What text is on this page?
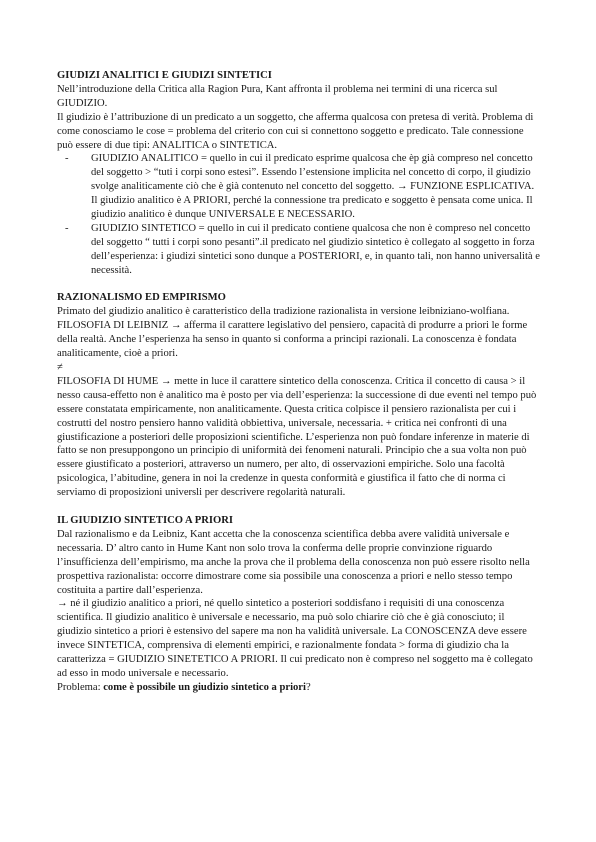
GIUDIZI ANALITICI E GIUDIZI SINTETICI

Nell’introduzione della Critica alla Ragion Pura, Kant affronta il problema nei termini di una ricerca sul GIUDIZIO.

Il giudizio è l’attribuzione di un predicato a un soggetto, che afferma qualcosa con pretesa di verità. Problema di come conosciamo le cose = problema del criterio con cui si connettono soggetto e predicato. Tale connessione può essere di due tipi: ANALITICA o SINTETICA.

- GIUDIZIO ANALITICO = quello in cui il predicato esprime qualcosa che èp già compreso nel concetto del soggetto > “tuti i corpi sono estesi”. Essendo l’estensione implicita nel concetto di corpo, il giudizio svolge analiticamente ciò che è già contenuto nel concetto del soggetto. → FUNZIONE ESPLICATIVA. Il giudizio analitico è A PRIORI, perché la connessione tra predicato e soggetto è pensata come unica. Il giudizio analitico è dunque UNIVERSALE E NECESSARIO.
- GIUDIZIO SINTETICO = quello in cui il predicato contiene qualcosa che non è compreso nel concetto del soggetto “ tutti i corpi sono pesanti”.il predicato nel giudizio sintetico è collegato al soggetto in forza dell’esperienza: i giudizi sintetici sono dunque a POSTERIORI, e, in quanto tali, non hanno universalità e necessità.
RAZIONALISMO ED EMPIRISMO

Primato del giudizio analitico è caratteristico della tradizione razionalista in versione leibniziano-wolfiana.

FILOSOFIA DI LEIBNIZ → afferma il carattere legislativo del pensiero, capacità di produrre a priori le forme della realtà. Anche l’esperienza ha senso in quanto si conforma a principi razionali. La conoscenza è fondata analiticamente, cioè a priori.

≠

FILOSOFIA DI HUME → mette in luce il carattere sintetico della conoscenza. Critica il concetto di causa > il nesso causa-effetto non è analitico ma è posto per via dell’esperienza: la successione di due eventi nel tempo può essere constatata empiricamente, non analiticamente. Questa critica colpisce il pensiero razionalista per cui i costrutti del nostro pensiero hanno validità obbiettiva, universale, necessaria. + critica nei confronti di una giustificazione a posteriori delle proposizioni scientifiche. L’esperienza non può fondare inferenze in materie di fatto se non presuppongono un principio di uniformità dei fenomeni naturali. Principio che a sua volta non può essere giustificato a posteriori, attraverso un numero, per alto, di osservazioni empiriche. Solo una facoltà psicologica, l’abitudine, genera in noi la credenze in questa conformità e giustifica il fatto che di norma ci serviamo di proposizioni universli per descrivere regolarità naturali.

IL GIUDIZIO SINTETICO A PRIORI

Dal razionalismo e da Leibniz, Kant accetta che la conoscenza scientifica debba avere validità universale e necessaria. D’ altro canto in Hume Kant non solo trova la conferma delle proprie convinzione riguardo l’insufficienza dell’empirismo, ma anche la prova che il problema della conoscenza non può essere risolto nella prospettiva razionalista: occorre dimostrare come sia possibile una conoscenza a priori e nello stesso tempo costituita a partire dall’esperienza.

→ né il giudizio analitico a priori, né quello sintetico a posteriori soddisfano i requisiti di una conoscenza scientifica. Il giudizio analitico è universale e necessario, ma può solo chiarire ciò che è già conosciuto; il giudizio sintetico a priori è estensivo del sapere ma non ha validità universale. La CONOSCENZA deve essere invece SINTETICA, comprensiva di elementi empirici, e razionalmente fondata > forma di giudizio cha la caratterizza = GIUDIZIO SINETETICO A PRIORI. Il cui predicato non è compreso nel soggetto ma è collegato ad esso in modo universale e necessario.

Problema: come è possibile un giudizio sintetico a priori?
